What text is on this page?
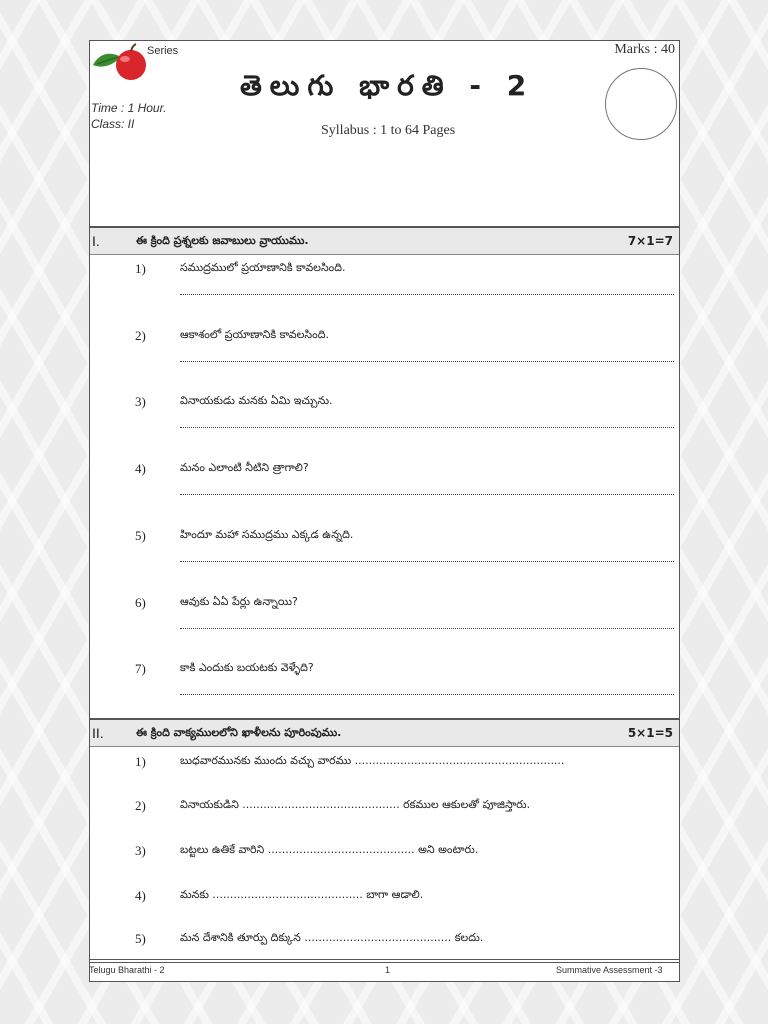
Series	Marks : 40
తెలుగు భారతి - 2
Time : 1 Hour.
Class: II	Syllabus : 1 to 64 Pages
I.	ఈ క్రింది ప్రశ్నలకు జవాబులు వ్రాయుము.	7×1=7
1)	సముద్రములో ప్రయాణానికి కావలసింది.
2)	ఆకాశంలో ప్రయాణానికి కావలసింది.
3)	వినాయకుడు మనకు ఏమి ఇచ్చును.
4)	మనం ఎలాంటి నీటిని త్రాగాలి?
5)	హిందూ మహా సముద్రము ఎక్కడ ఉన్నది.
6)	ఆవుకు ఏఏ పేర్లు ఉన్నాయి?
7)	కాకి ఎందుకు బయటకు వెళ్ళేది?
II.	ఈ క్రింది వాక్యములలోని ఖాళీలను పూరింపుము.	5×1=5
1)	బుధవారమునకు ముందు వచ్చు వారము ............................................................
2)	వినాయకుడిని ............................................. రకముల ఆకులతో పూజిస్తారు.
3)	బట్టలు ఉతికే వారిని .......................................... అని అంటారు.
4)	మనకు ........................................... బాగా ఆడాలి.
5)	మన దేశానికి తూర్పు దిక్కున .......................................... కలదు.
Telugu Bharathi - 2	1	Summative Assessment -3
